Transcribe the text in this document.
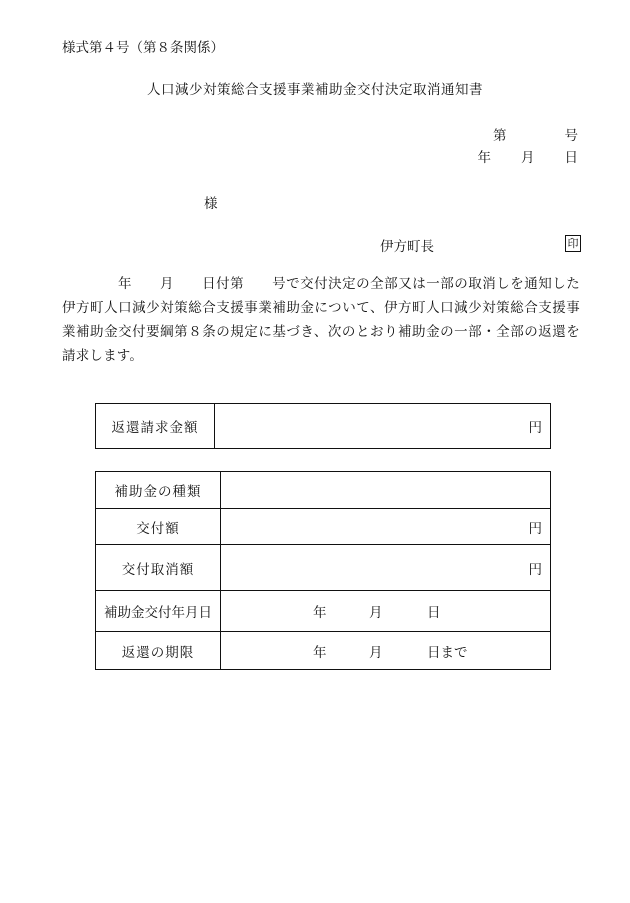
様式第４号（第８条関係）
人口減少対策総合支援事業補助金交付決定取消通知書
第	号
年 月 日
様
伊方町長	印
　　　　年　　月　　日付第　　号で交付決定の全部又は一部の取消しを通知した伊方町人口減少対策総合支援事業補助金について、伊方町人口減少対策総合支援事業補助金交付要綱第８条の規定に基づき、次のとおり補助金の一部・全部の返還を請求します。
返還請求金額	円
補助金の種類	
交付額	円
交付取消額	円
補助金交付年月日	年 月 日

返還の期限	年 月 日まで
